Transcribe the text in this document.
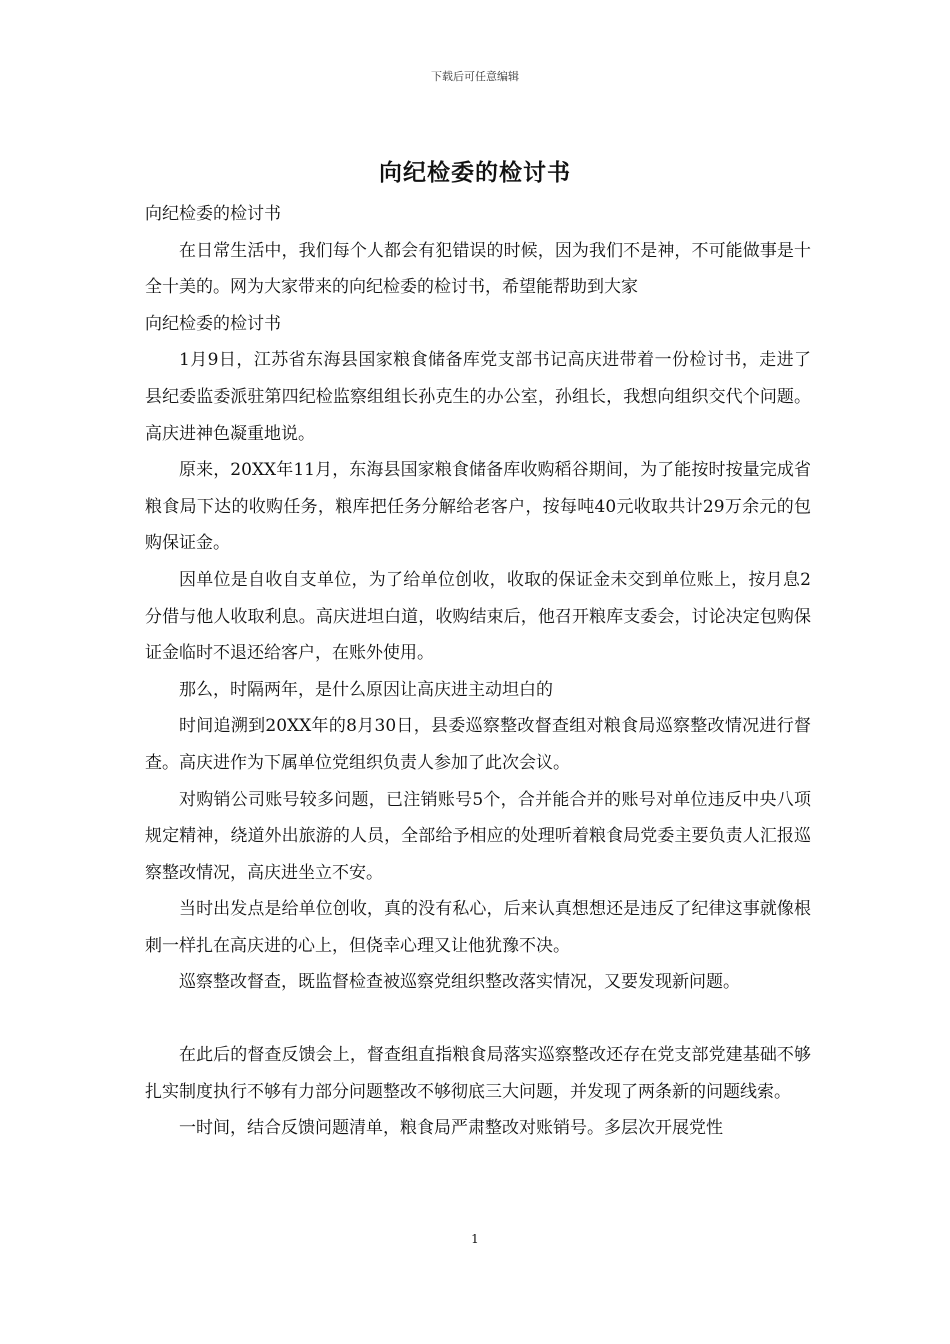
下载后可任意编辑
向纪检委的检讨书

向纪检委的检讨书

在日常生活中，我们每个人都会有犯错误的时候，因为我们不是神，不可能做事是十全十美的。网为大家带来的向纪检委的检讨书，希望能帮助到大家

向纪检委的检讨书

1月9日，江苏省东海县国家粮食储备库党支部书记高庆进带着一份检讨书，走进了县纪委监委派驻第四纪检监察组组长孙克生的办公室，孙组长，我想向组织交代个问题。高庆进神色凝重地说。

原来，20XX年11月，东海县国家粮食储备库收购稻谷期间，为了能按时按量完成省粮食局下达的收购任务，粮库把任务分解给老客户，按每吨40元收取共计29万余元的包购保证金。

因单位是自收自支单位，为了给单位创收，收取的保证金未交到单位账上，按月息2分借与他人收取利息。高庆进坦白道，收购结束后，他召开粮库支委会，讨论决定包购保证金临时不退还给客户，在账外使用。

那么，时隔两年，是什么原因让高庆进主动坦白的

时间追溯到20XX年的8月30日，县委巡察整改督查组对粮食局巡察整改情况进行督查。高庆进作为下属单位党组织负责人参加了此次会议。

对购销公司账号较多问题，已注销账号5个，合并能合并的账号对单位违反中央八项规定精神，绕道外出旅游的人员，全部给予相应的处理听着粮食局党委主要负责人汇报巡察整改情况，高庆进坐立不安。

当时出发点是给单位创收，真的没有私心，后来认真想想还是违反了纪律这事就像根刺一样扎在高庆进的心上，但侥幸心理又让他犹豫不决。

巡察整改督查，既监督检查被巡察党组织整改落实情况，又要发现新问题。

在此后的督查反馈会上，督查组直指粮食局落实巡察整改还存在党支部党建基础不够扎实制度执行不够有力部分问题整改不够彻底三大问题，并发现了两条新的问题线索。

一时间，结合反馈问题清单，粮食局严肃整改对账销号。多层次开展党性

1
